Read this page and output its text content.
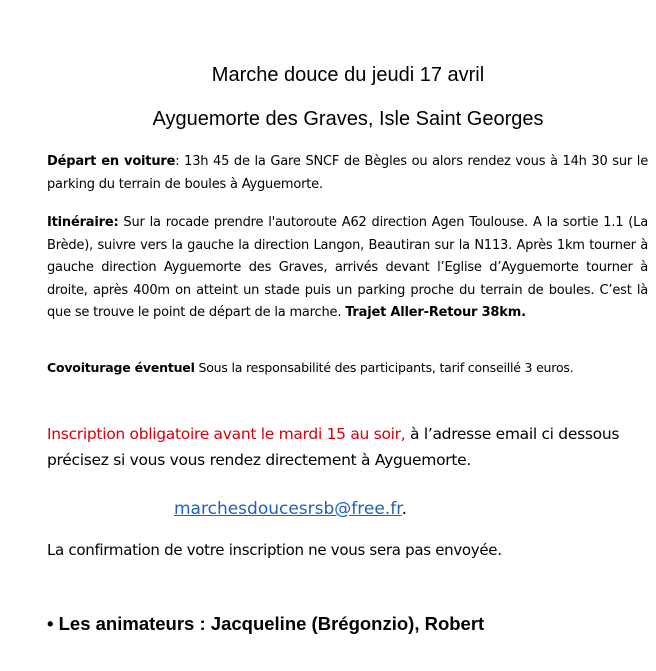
Marche douce du jeudi 17 avril
Ayguemorte des Graves, Isle Saint Georges
Départ en voiture: 13h 45 de la Gare SNCF de Bègles ou alors rendez vous à 14h 30 sur le parking du terrain de boules à Ayguemorte.
Itinéraire: Sur la rocade prendre l'autoroute A62 direction Agen Toulouse. A la sortie 1.1 (La Brède), suivre vers la gauche la direction Langon, Beautiran sur la N113. Après 1km tourner à gauche direction Ayguemorte des Graves, arrivés devant l’Eglise d’Ayguemorte tourner à droite, après 400m on atteint un stade puis un parking proche du terrain de boules. C’est là que se trouve le point de départ de la marche. Trajet Aller-Retour 38km.
Covoiturage éventuel Sous la responsabilité des participants, tarif conseillé 3 euros.
Inscription obligatoire avant le mardi 15 au soir, à l’adresse email ci dessous précisez si vous vous rendez directement à Ayguemorte.
marchesdoucesrsb@free.fr.
La confirmation de votre inscription ne vous sera pas envoyée.
• Les animateurs : Jacqueline (Brégonzio), Robert
